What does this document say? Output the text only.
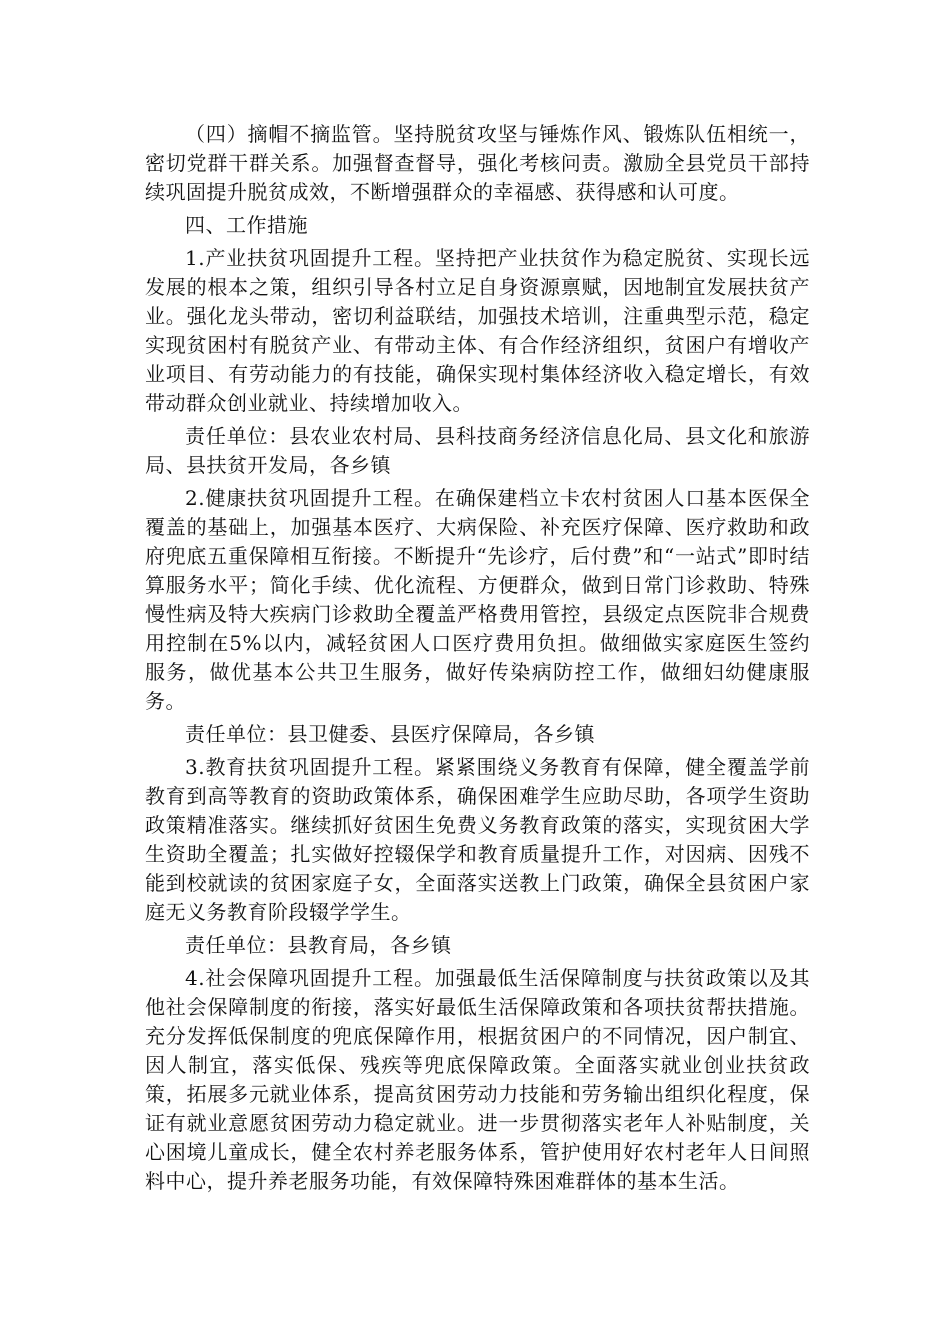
（四）摘帽不摘监管。坚持脱贫攻坚与锤炼作风、锻炼队伍相统一，密切党群干群关系。加强督查督导，强化考核问责。激励全县党员干部持续巩固提升脱贫成效，不断增强群众的幸福感、获得感和认可度。

四、工作措施

1.产业扶贫巩固提升工程。坚持把产业扶贫作为稳定脱贫、实现长远发展的根本之策，组织引导各村立足自身资源禀赋，因地制宜发展扶贫产业。强化龙头带动，密切利益联结，加强技术培训，注重典型示范，稳定实现贫困村有脱贫产业、有带动主体、有合作经济组织，贫困户有增收产业项目、有劳动能力的有技能，确保实现村集体经济收入稳定增长，有效带动群众创业就业、持续增加收入。

责任单位：县农业农村局、县科技商务经济信息化局、县文化和旅游局、县扶贫开发局，各乡镇

2.健康扶贫巩固提升工程。在确保建档立卡农村贫困人口基本医保全覆盖的基础上，加强基本医疗、大病保险、补充医疗保障、医疗救助和政府兜底五重保障相互衔接。不断提升“先诊疗，后付费”和“一站式”即时结算服务水平；简化手续、优化流程、方便群众，做到日常门诊救助、特殊慢性病及特大疾病门诊救助全覆盖严格费用管控，县级定点医院非合规费用控制在5%以内，减轻贫困人口医疗费用负担。做细做实家庭医生签约服务，做优基本公共卫生服务，做好传染病防控工作，做细妇幼健康服务。

责任单位：县卫健委、县医疗保障局，各乡镇

3.教育扶贫巩固提升工程。紧紧围绕义务教育有保障，健全覆盖学前教育到高等教育的资助政策体系，确保困难学生应助尽助，各项学生资助政策精准落实。继续抓好贫困生免费义务教育政策的落实，实现贫困大学生资助全覆盖；扎实做好控辍保学和教育质量提升工作，对因病、因残不能到校就读的贫困家庭子女，全面落实送教上门政策，确保全县贫困户家庭无义务教育阶段辍学学生。

责任单位：县教育局，各乡镇

4.社会保障巩固提升工程。加强最低生活保障制度与扶贫政策以及其他社会保障制度的衔接，落实好最低生活保障政策和各项扶贫帮扶措施。充分发挥低保制度的兜底保障作用，根据贫困户的不同情况，因户制宜、因人制宜，落实低保、残疾等兜底保障政策。全面落实就业创业扶贫政策，拓展多元就业体系，提高贫困劳动力技能和劳务输出组织化程度，保证有就业意愿贫困劳动力稳定就业。进一步贯彻落实老年人补贴制度，关心困境儿童成长，健全农村养老服务体系，管护使用好农村老年人日间照料中心，提升养老服务功能，有效保障特殊困难群体的基本生活。
